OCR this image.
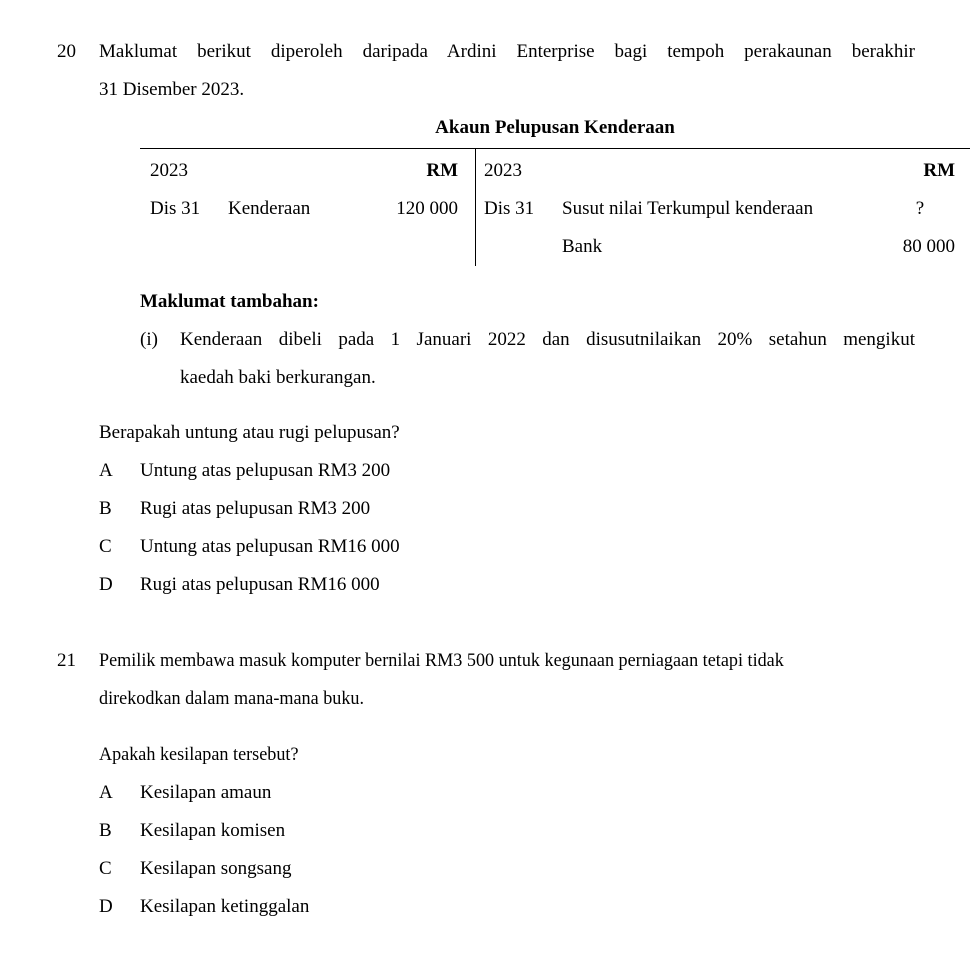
20 Maklumat berikut diperoleh daripada Ardini Enterprise bagi tempoh perakaunan berakhir
31 Disember 2023.
Akaun Pelupusan Kenderaan
2023	RM
Dis 31 Kenderaan	120 000
2023	RM
Dis 31 Susut nilai Terkumpul kenderaan	?
Bank	80 000
Maklumat tambahan:
(i) Kenderaan dibeli pada 1 Januari 2022 dan disusutnilaikan 20% setahun mengikut
kaedah baki berkurangan.
Berapakah untung atau rugi pelupusan?
A Untung atas pelupusan RM3 200
B Rugi atas pelupusan RM3 200
C Untung atas pelupusan RM16 000
D Rugi atas pelupusan RM16 000
21 Pemilik membawa masuk komputer bernilai RM3 500 untuk kegunaan perniagaan tetapi tidak
direkodkan dalam mana-mana buku.
Apakah kesilapan tersebut?
A Kesilapan amaun
B Kesilapan komisen
C Kesilapan songsang
D Kesilapan ketinggalan
